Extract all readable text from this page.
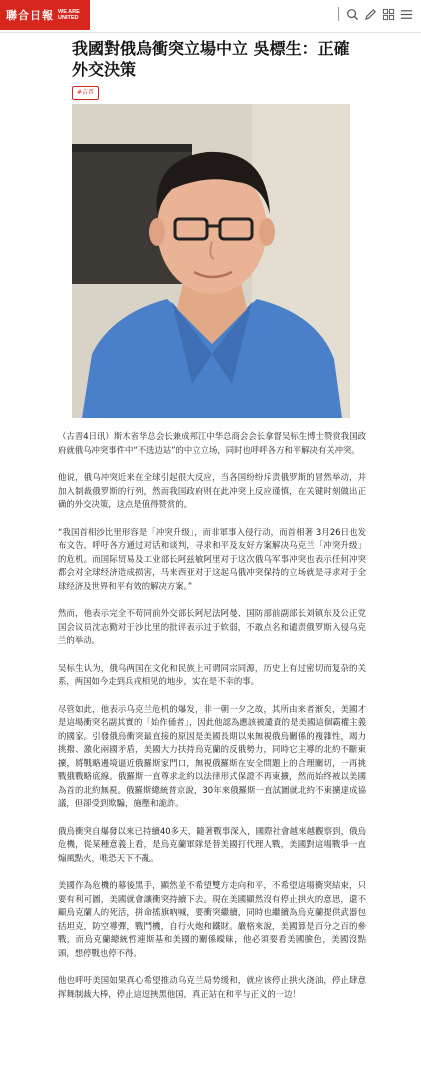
聯合日報 WE ARE
UNITED
我國對俄烏衝突立場中立 吳標生：正確外交決策
#吉晋

（古晋4日讯）斯木省华总会长兼成邦江中华总商会会长拿督吴标生博士赞赏我国政府就俄乌冲突事件中“不选边站”的中立立场，同时也呼呼各方和平解决有关冲突。

他说，俄乌冲突近来在全球引起很大反应，当各国纷纷斥责俄罗斯的冒然举动，并加入制裁俄罗斯的行列，然而我国政府则在此冲突上反应谨慎，在关键时刻做出正确的外交决策，这点是值得赞赏的。

“我国首相沙比里形容是「冲突升级」，而非軍事入侵行动，而首相著 3月26日也发布文告，呼吁各方通过对话和谈判，寻求和平及友好方案解决乌克兰「冲突升级」的危机。而国际贸易及工业部长阿兹敏阿里对于这次俄乌军事冲突也表示任何冲突都会对全球经济造成损害，马来西亚对于这起乌俄冲突保持的立场就是寻求对于全球经济及世界和平有效的解决方案。”

然而，他表示完全不苟同前外交部长阿尼法阿曼、国防部前副部长刘镇东及公正党国会议员沈志勤对于沙比里的批评表示过于软弱，不敢点名和谴责俄罗斯入侵乌克兰的举动。

吴标生认为，俄乌两国在文化和民族上可谓同宗同源，历史上有过密切而复杂的关系，两国如今走到兵戎相见的地步，实在是不幸的事。

尽管如此，他表示乌克兰危机的爆发，非一朝一夕之故，其所由来者渐矣，美國才是這場衝突名副其實的「始作俑者」，因此他認為應該被譴責的是美國這個霸權主義的國家。引發俄烏衝突最直接的原因是美國長期以來無視俄烏關係的複雜性，竭力挑撥、激化兩國矛盾，美國大力扶持烏克蘭的反俄勢力，同時它主導的北約不斷東擴，將戰略邊境逼近俄羅斯家門口，無視俄羅斯在安全問題上的合理關切，一再挑戰俄戰略底線。俄羅斯一直尊求北約以法律形式保證不再東擴，然而始终被以美國為首的北約無視。俄羅斯總統普京說，30年來俄羅斯一直試圖就北約不東擴達成協議，但卻受到欺騙，施壓和詭詐。

俄烏衝突自爆發以來已持續40多天，隨著戰事深入，國際社會越來越觀察到，俄烏危機，從某種意義上看，是烏克蘭軍隊是替美國打代理人戰，美國對這場戰爭一直煽風點火，唯恐天下不亂。

美國作為危機的幕後黑手，顯然並不希望雙方走向和平，不希望這場衝突結束，只要有利可圖，美國就會讓衝突持續下去。現在美國顯然沒有停止拱火的意思，還不顧烏克蘭人的死活，拼命搖旗吶喊，要衝突繼續，同時也繼續為烏克蘭提供武器包括坦克，防空導彈，戰鬥機，自行火炮和鐵財。嚴格來說，美國算是百分之百的參戰，而烏克蘭總統哲連斯基和美國的關係曖昧，他必須要看美國臉色，美國沒點頭，想停戰也停不得。

他也呼吁美国如果真心希望推动乌克兰局势缓和，就应该停止拱火浇油，停止肆意挥舞制裁大棒，停止這逗挾黑他国，真正站在和平与正义的一边！
